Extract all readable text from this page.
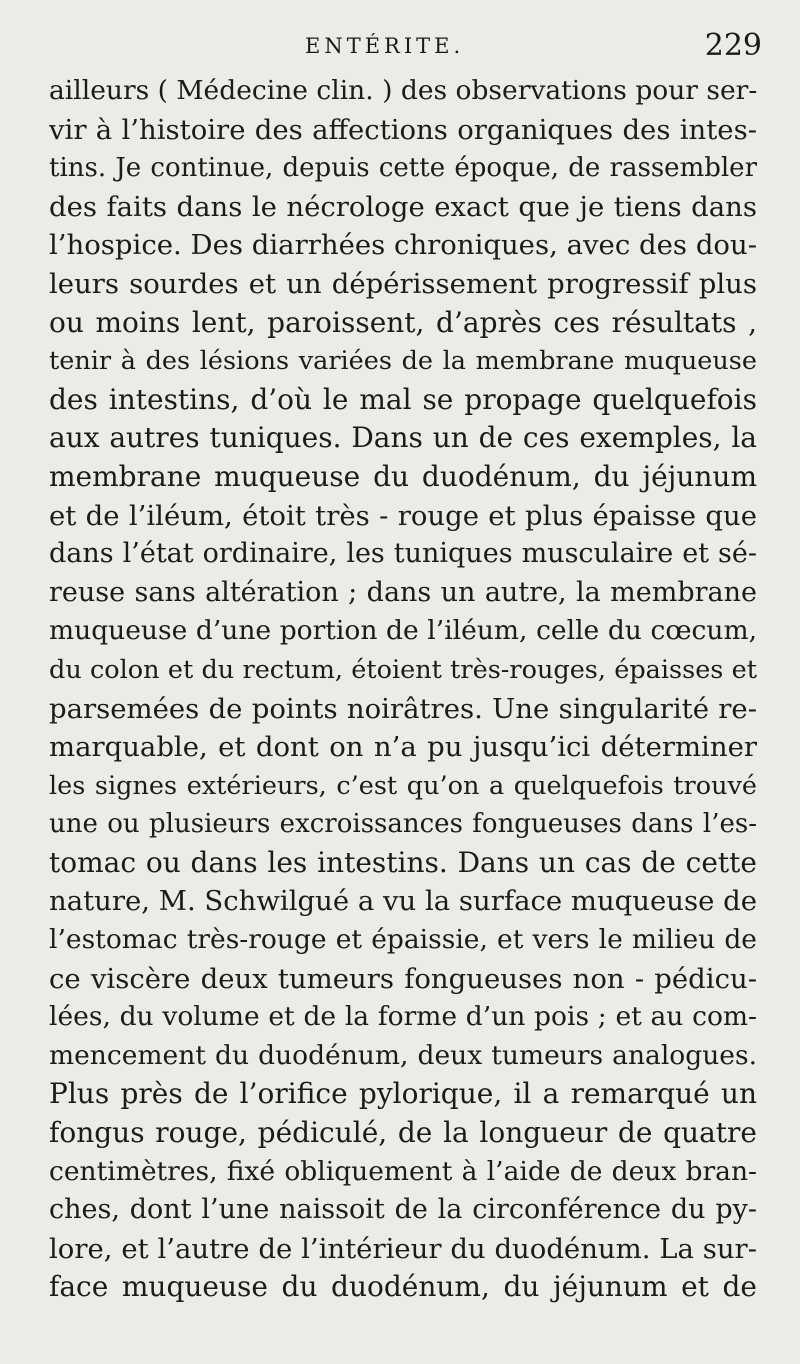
ENTÉRITE.	229
ailleurs ( Médecine clin. ) des observations pour ser-
vir à l’histoire des affections organiques des intes-
tins. Je continue, depuis cette époque, de rassembler
des faits dans le nécrologe exact que je tiens dans
l’hospice. Des diarrhées chroniques, avec des dou-
leurs sourdes et un dépérissement progressif plus
ou moins lent, paroissent, d’après ces résultats ,
tenir à des lésions variées de la membrane muqueuse
des intestins, d’où le mal se propage quelquefois
aux autres tuniques. Dans un de ces exemples, la
membrane muqueuse du duodénum, du jéjunum
et de l’iléum, étoit très - rouge et plus épaisse que
dans l’état ordinaire, les tuniques musculaire et sé-
reuse sans altération ; dans un autre, la membrane
muqueuse d’une portion de l’iléum, celle du cœcum,
du colon et du rectum, étoient très-rouges, épaisses et
parsemées de points noirâtres. Une singularité re-
marquable, et dont on n’a pu jusqu’ici déterminer
les signes extérieurs, c’est qu’on a quelquefois trouvé
une ou plusieurs excroissances fongueuses dans l’es-
tomac ou dans les intestins. Dans un cas de cette
nature, M. Schwilgué a vu la surface muqueuse de
l’estomac très-rouge et épaissie, et vers le milieu de
ce viscère deux tumeurs fongueuses non - pédicu-
lées, du volume et de la forme d’un pois ; et au com-
mencement du duodénum, deux tumeurs analogues.
Plus près de l’orifice pylorique, il a remarqué un
fongus rouge, pédiculé, de la longueur de quatre
centimètres, fixé obliquement à l’aide de deux bran-
ches, dont l’une naissoit de la circonférence du py-
lore, et l’autre de l’intérieur du duodénum. La sur-
face muqueuse du duodénum, du jéjunum et de
